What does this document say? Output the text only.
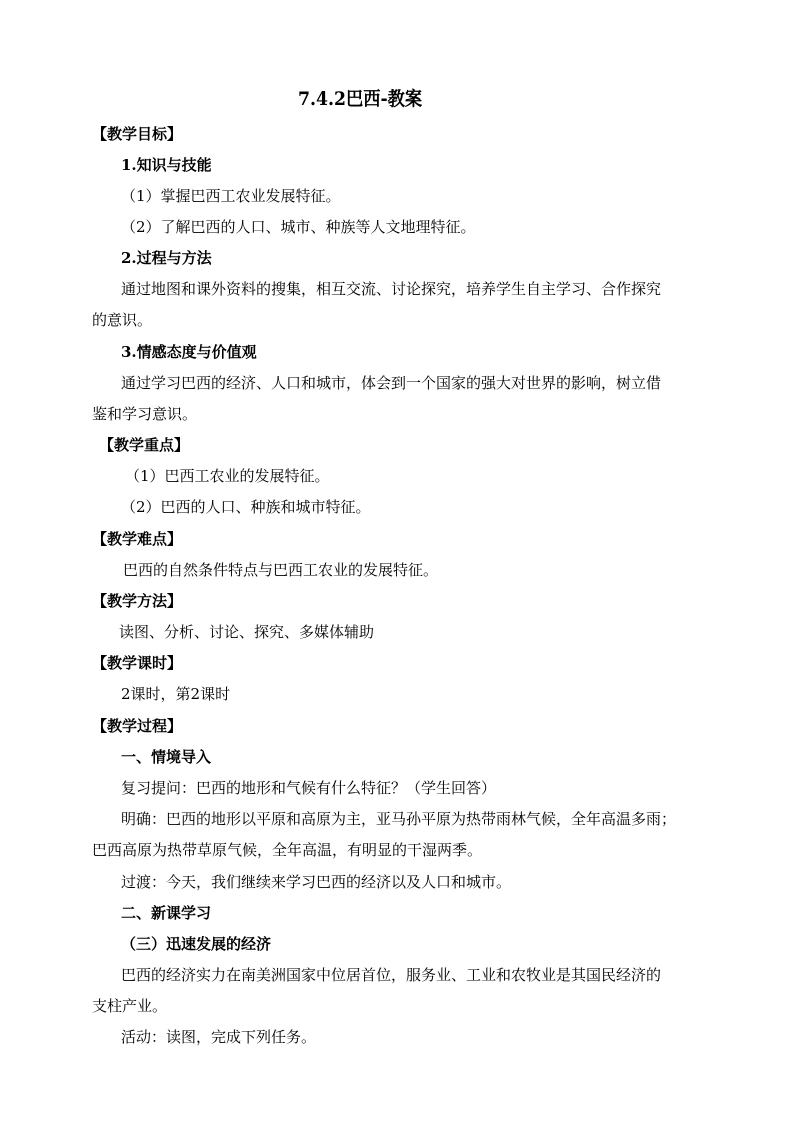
7.4.2巴西-教案
【教学目标】
1.知识与技能
（1）掌握巴西工农业发展特征。
（2）了解巴西的人口、城市、种族等人文地理特征。
2.过程与方法
通过地图和课外资料的搜集，相互交流、讨论探究，培养学生自主学习、合作探究
的意识。
3.情感态度与价值观
通过学习巴西的经济、人口和城市，体会到一个国家的强大对世界的影响，树立借
鉴和学习意识。
【教学重点】
（1）巴西工农业的发展特征。
（2）巴西的人口、种族和城市特征。
【教学难点】
巴西的自然条件特点与巴西工农业的发展特征。
【教学方法】
读图、分析、讨论、探究、多媒体辅助
【教学课时】
2课时，第2课时
【教学过程】
一、情境导入
复习提问：巴西的地形和气候有什么特征？（学生回答）
明确：巴西的地形以平原和高原为主，亚马孙平原为热带雨林气候，全年高温多雨；
巴西高原为热带草原气候，全年高温，有明显的干湿两季。
过渡：今天，我们继续来学习巴西的经济以及人口和城市。
二、新课学习
（三）迅速发展的经济
巴西的经济实力在南美洲国家中位居首位，服务业、工业和农牧业是其国民经济的
支柱产业。
活动：读图，完成下列任务。
